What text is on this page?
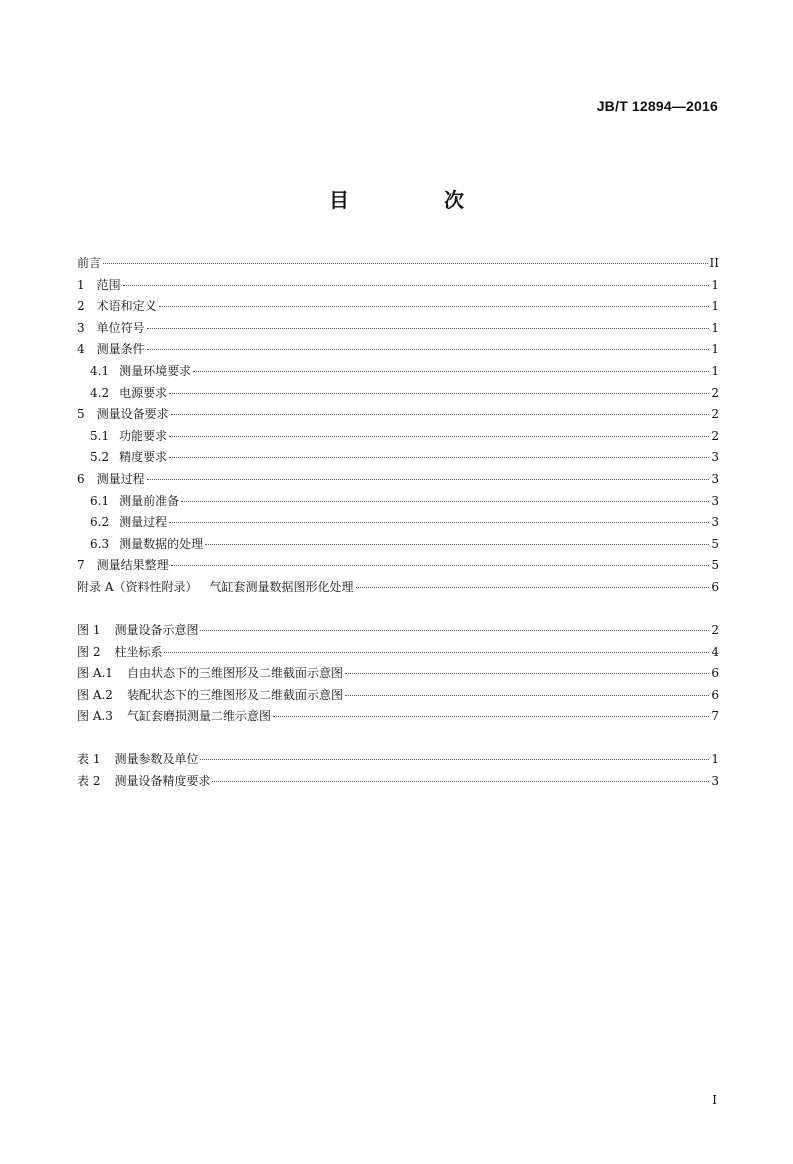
JB/T 12894—2016
目 次
前言	II
1 范围	1
2 术语和定义	1
3 单位符号	1
4 测量条件	1
4.1 测量环境要求	1
4.2 电源要求	2
5 测量设备要求	2
5.1 功能要求	2
5.2 精度要求	3
6 测量过程	3
6.1 测量前准备	3
6.2 测量过程	3
6.3 测量数据的处理	5
7 测量结果整理	5
附录 A（资料性附录） 气缸套测量数据图形化处理	6
图 1 测量设备示意图	2
图 2 柱坐标系	4
图 A.1 自由状态下的三维图形及二维截面示意图	6
图 A.2 装配状态下的三维图形及二维截面示意图	6
图 A.3 气缸套磨损测量二维示意图	7
表 1 测量参数及单位	1
表 2 测量设备精度要求	3
I
